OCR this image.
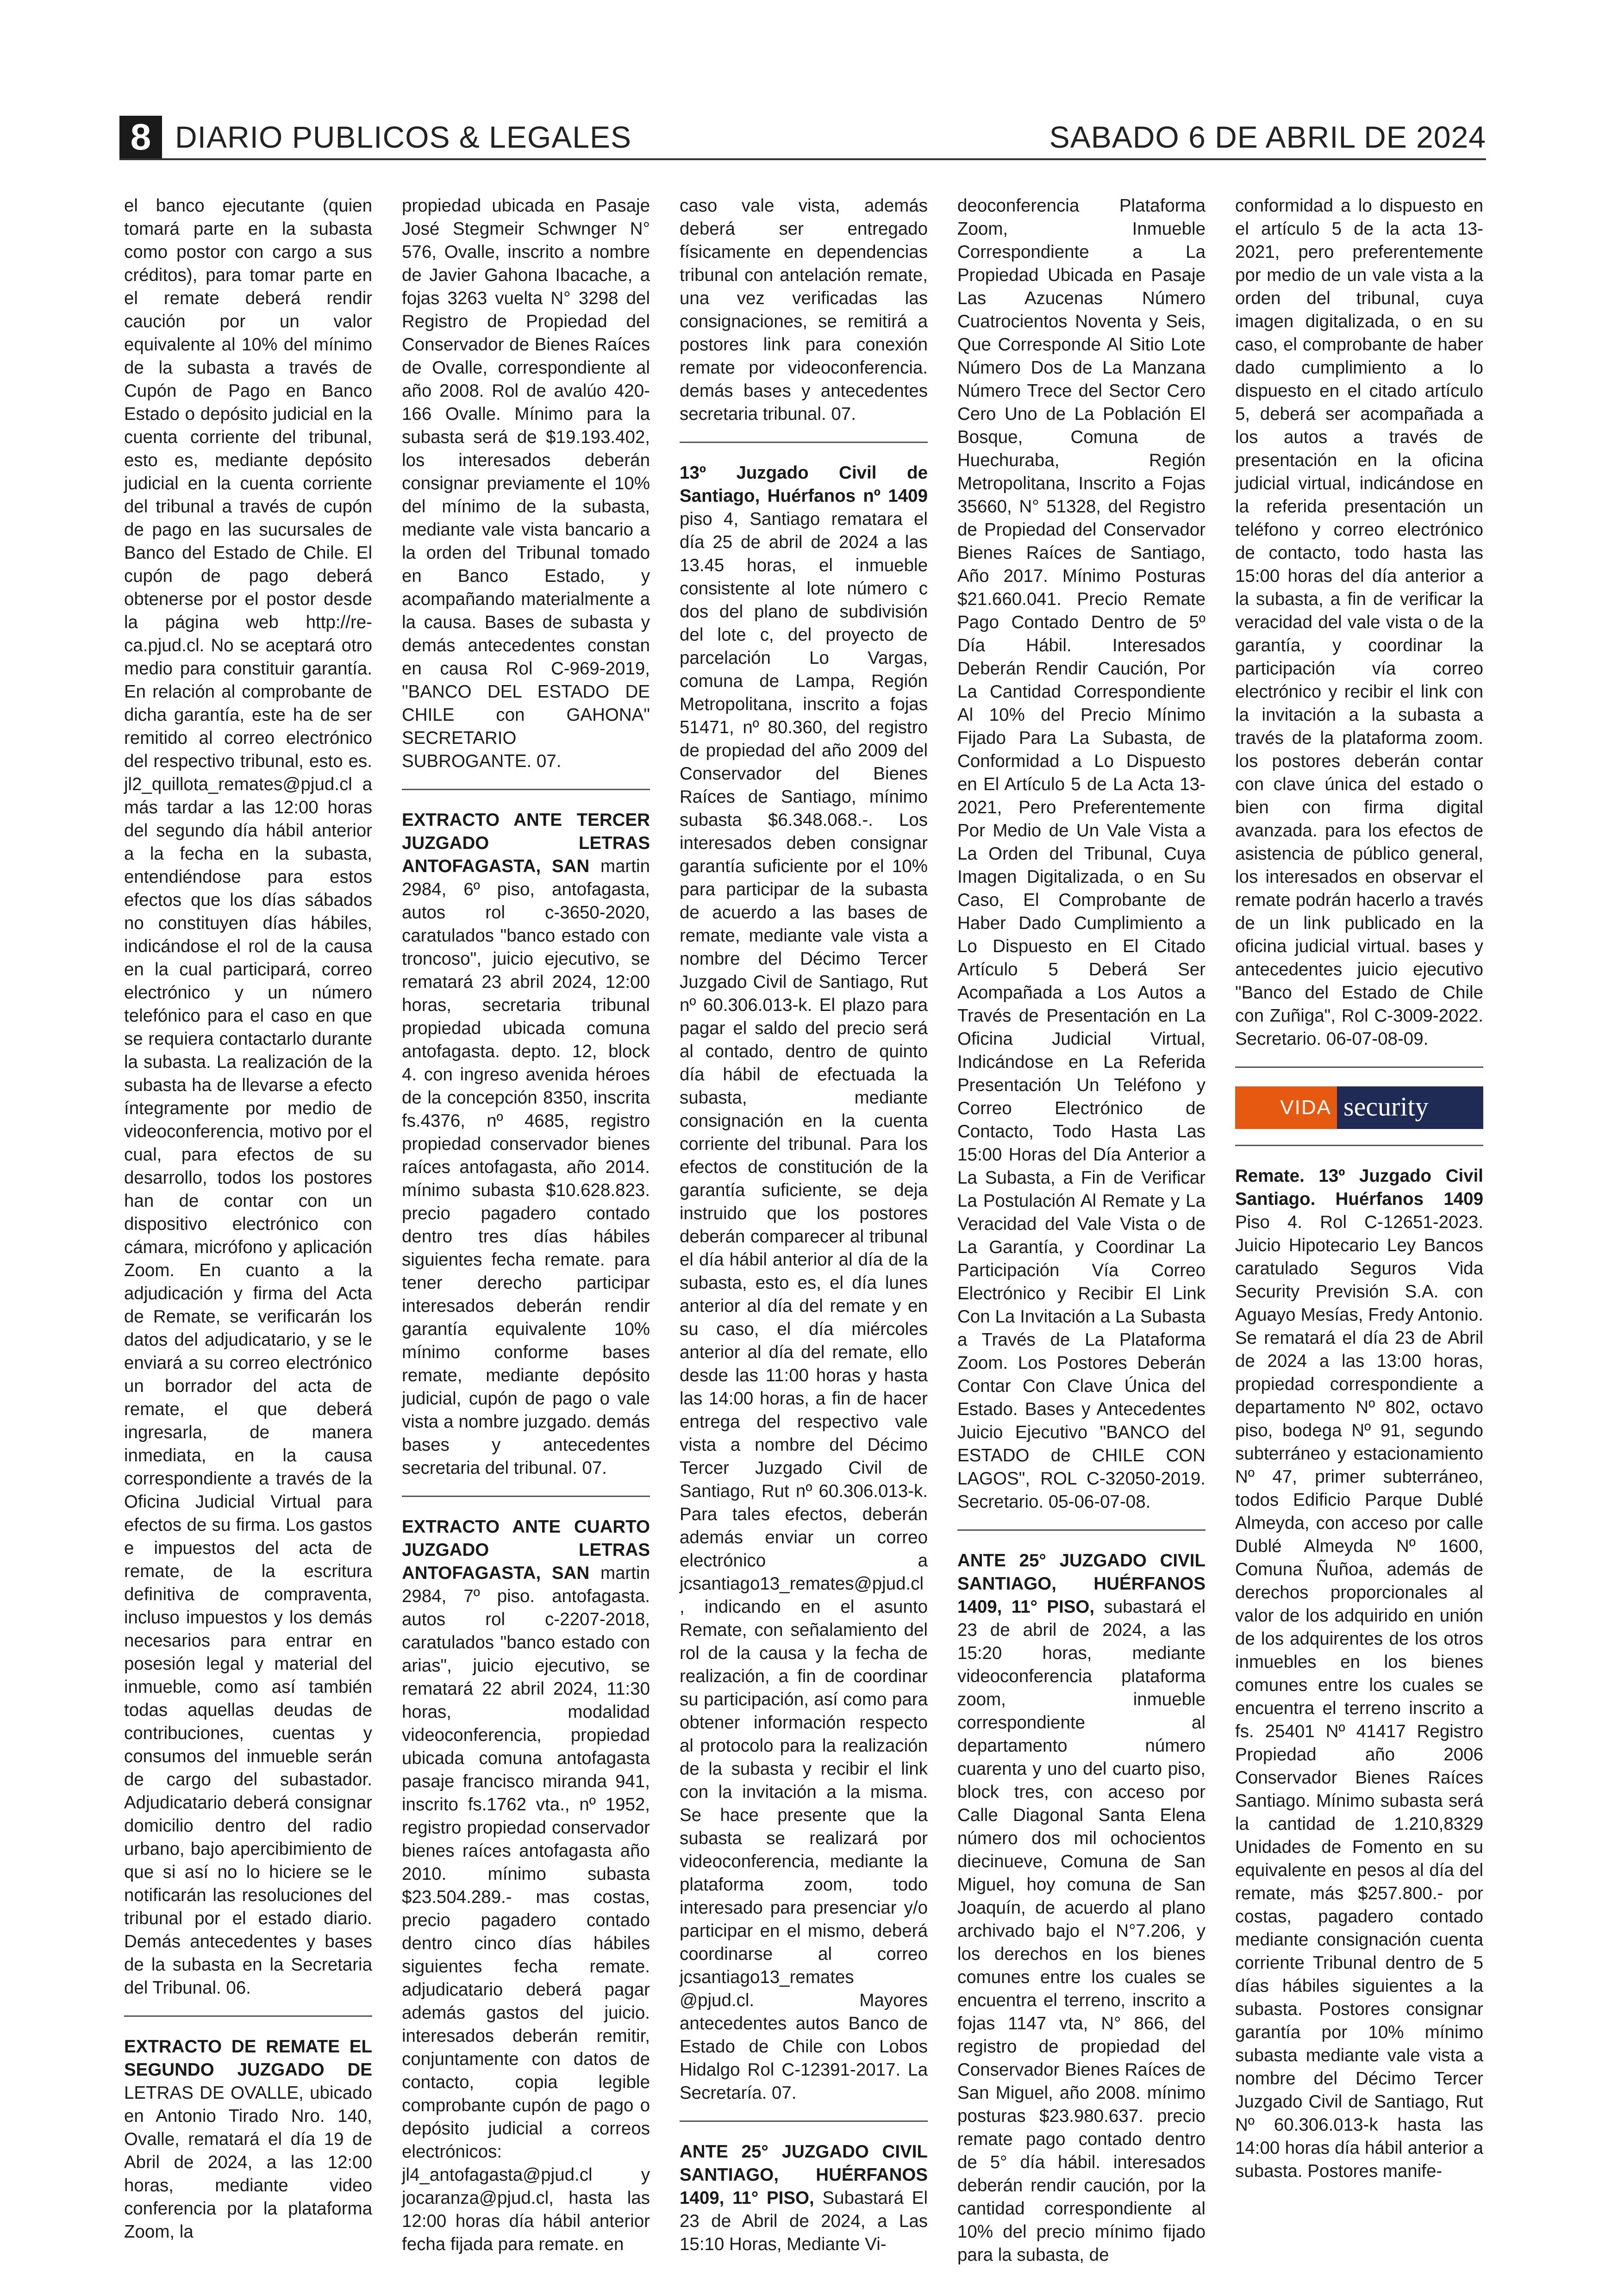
8 DIARIO PUBLICOS & LEGALES	SABADO 6 DE ABRIL DE 2024

el banco ejecutante (quien tomará parte en la subasta como postor con cargo a sus créditos), para tomar parte en el remate deberá rendir caución por un valor equivalente al 10% del mínimo de la subasta a través de Cupón de Pago en Banco Estado o depósito judicial en la cuenta corriente del tribunal, esto es, mediante depósito judicial en la cuenta corriente del tribunal a través de cupón de pago en las sucursales de Banco del Estado de Chile. El cupón de pago deberá obtenerse por el postor desde la página web http://re-ca.pjud.cl. No se aceptará otro medio para constituir garantía. En relación al comprobante de dicha garantía, este ha de ser remitido al correo electrónico del respectivo tribunal, esto es. jl2_quillota_remates@pjud.cl a más tardar a las 12:00 horas del segundo día hábil anterior a la fecha en la subasta, entendiéndose para estos efectos que los días sábados no constituyen días hábiles, indicándose el rol de la causa en la cual participará, correo electrónico y un número telefónico para el caso en que se requiera contactarlo durante la subasta. La realización de la subasta ha de llevarse a efecto íntegramente por medio de videoconferencia, motivo por el cual, para efectos de su desarrollo, todos los postores han de contar con un dispositivo electrónico con cámara, micrófono y aplicación Zoom. En cuanto a la adjudicación y firma del Acta de Remate, se verificarán los datos del adjudicatario, y se le enviará a su correo electrónico un borrador del acta de remate, el que deberá ingresarla, de manera inmediata, en la causa correspondiente a través de la Oficina Judicial Virtual para efectos de su firma. Los gastos e impuestos del acta de remate, de la escritura definitiva de compraventa, incluso impuestos y los demás necesarios para entrar en posesión legal y material del inmueble, como así también todas aquellas deudas de contribuciones, cuentas y consumos del inmueble serán de cargo del subastador. Adjudicatario deberá consignar domicilio dentro del radio urbano, bajo apercibimiento de que si así no lo hiciere se le notificarán las resoluciones del tribunal por el estado diario. Demás antecedentes y bases de la subasta en la Secretaria del Tribunal. 06.

EXTRACTO DE REMATE EL SEGUNDO JUZGADO DE LETRAS DE OVALLE, ubicado en Antonio Tirado Nro. 140, Ovalle, rematará el día 19 de Abril de 2024, a las 12:00 horas, mediante video conferencia por la plataforma Zoom, la

propiedad ubicada en Pasaje José Stegmeir Schwnger N° 576, Ovalle, inscrito a nombre de Javier Gahona Ibacache, a fojas 3263 vuelta N° 3298 del Registro de Propiedad del Conservador de Bienes Raíces de Ovalle, correspondiente al año 2008. Rol de avalúo 420-166 Ovalle. Mínimo para la subasta será de $19.193.402, los interesados deberán consignar previamente el 10% del mínimo de la subasta, mediante vale vista bancario a la orden del Tribunal tomado en Banco Estado, y acompañando materialmente a la causa. Bases de subasta y demás antecedentes constan en causa Rol C-969-2019, "BANCO DEL ESTADO DE CHILE con GAHONA" SECRETARIO SUBROGANTE. 07.

EXTRACTO ANTE TERCER JUZGADO LETRAS ANTOFAGASTA, SAN martin 2984, 6º piso, antofagasta, autos rol c-3650-2020, caratulados "banco estado con troncoso", juicio ejecutivo, se rematará 23 abril 2024, 12:00 horas, secretaria tribunal propiedad ubicada comuna antofagasta. depto. 12, block 4. con ingreso avenida héroes de la concepción 8350, inscrita fs.4376, nº 4685, registro propiedad conservador bienes raíces antofagasta, año 2014. mínimo subasta $10.628.823. precio pagadero contado dentro tres días hábiles siguientes fecha remate. para tener derecho participar interesados deberán rendir garantía equivalente 10% mínimo conforme bases remate, mediante depósito judicial, cupón de pago o vale vista a nombre juzgado. demás bases y antecedentes secretaria del tribunal. 07.

EXTRACTO ANTE CUARTO JUZGADO LETRAS ANTOFAGASTA, SAN martin 2984, 7º piso. antofagasta. autos rol c-2207-2018, caratulados "banco estado con arias", juicio ejecutivo, se rematará 22 abril 2024, 11:30 horas, modalidad videoconferencia, propiedad ubicada comuna antofagasta pasaje francisco miranda 941, inscrito fs.1762 vta., nº 1952, registro propiedad conservador bienes raíces antofagasta año 2010. mínimo subasta $23.504.289.- mas costas, precio pagadero contado dentro cinco días hábiles siguientes fecha remate. adjudicatario deberá pagar además gastos del juicio. interesados deberán remitir, conjuntamente con datos de contacto, copia legible comprobante cupón de pago o depósito judicial a correos electrónicos: jl4_antofagasta@pjud.cl y jocaranza@pjud.cl, hasta las 12:00 horas día hábil anterior fecha fijada para remate. en

caso vale vista, además deberá ser entregado físicamente en dependencias tribunal con antelación remate, una vez verificadas las consignaciones, se remitirá a postores link para conexión remate por videoconferencia. demás bases y antecedentes secretaria tribunal. 07.

13º Juzgado Civil de Santiago, Huérfanos nº 1409 piso 4, Santiago rematara el día 25 de abril de 2024 a las 13.45 horas, el inmueble consistente al lote número c dos del plano de subdivisión del lote c, del proyecto de parcelación Lo Vargas, comuna de Lampa, Región Metropolitana, inscrito a fojas 51471, nº 80.360, del registro de propiedad del año 2009 del Conservador del Bienes Raíces de Santiago, mínimo subasta $6.348.068.-. Los interesados deben consignar garantía suficiente por el 10% para participar de la subasta de acuerdo a las bases de remate, mediante vale vista a nombre del Décimo Tercer Juzgado Civil de Santiago, Rut nº 60.306.013-k. El plazo para pagar el saldo del precio será al contado, dentro de quinto día hábil de efectuada la subasta, mediante consignación en la cuenta corriente del tribunal. Para los efectos de constitución de la garantía suficiente, se deja instruido que los postores deberán comparecer al tribunal el día hábil anterior al día de la subasta, esto es, el día lunes anterior al día del remate y en su caso, el día miércoles anterior al día del remate, ello desde las 11:00 horas y hasta las 14:00 horas, a fin de hacer entrega del respectivo vale vista a nombre del Décimo Tercer Juzgado Civil de Santiago, Rut nº 60.306.013-k. Para tales efectos, deberán además enviar un correo electrónico a jcsantiago13_remates@pjud.cl, indicando en el asunto Remate, con señalamiento del rol de la causa y la fecha de realización, a fin de coordinar su participación, así como para obtener información respecto al protocolo para la realización de la subasta y recibir el link con la invitación a la misma. Se hace presente que la subasta se realizará por videoconferencia, mediante la plataforma zoom, todo interesado para presenciar y/o participar en el mismo, deberá coordinarse al correo jcsantiago13_remates @pjud.cl. Mayores antecedentes autos Banco de Estado de Chile con Lobos Hidalgo Rol C-12391-2017. La Secretaría. 07.

ANTE 25° JUZGADO CIVIL SANTIAGO, HUÉRFANOS 1409, 11° PISO, Subastará El 23 de Abril de 2024, a Las 15:10 Horas, Mediante Vi-

deoconferencia Plataforma Zoom, Inmueble Correspondiente a La Propiedad Ubicada en Pasaje Las Azucenas Número Cuatrocientos Noventa y Seis, Que Corresponde Al Sitio Lote Número Dos de La Manzana Número Trece del Sector Cero Cero Uno de La Población El Bosque, Comuna de Huechuraba, Región Metropolitana, Inscrito a Fojas 35660, N° 51328, del Registro de Propiedad del Conservador Bienes Raíces de Santiago, Año 2017. Mínimo Posturas $21.660.041. Precio Remate Pago Contado Dentro de 5º Día Hábil. Interesados Deberán Rendir Caución, Por La Cantidad Correspondiente Al 10% del Precio Mínimo Fijado Para La Subasta, de Conformidad a Lo Dispuesto en El Artículo 5 de La Acta 13-2021, Pero Preferentemente Por Medio de Un Vale Vista a La Orden del Tribunal, Cuya Imagen Digitalizada, o en Su Caso, El Comprobante de Haber Dado Cumplimiento a Lo Dispuesto en El Citado Artículo 5 Deberá Ser Acompañada a Los Autos a Través de Presentación en La Oficina Judicial Virtual, Indicándose en La Referida Presentación Un Teléfono y Correo Electrónico de Contacto, Todo Hasta Las 15:00 Horas del Día Anterior a La Subasta, a Fin de Verificar La Postulación Al Remate y La Veracidad del Vale Vista o de La Garantía, y Coordinar La Participación Vía Correo Electrónico y Recibir El Link Con La Invitación a La Subasta a Través de La Plataforma Zoom. Los Postores Deberán Contar Con Clave Única del Estado. Bases y Antecedentes Juicio Ejecutivo "BANCO del ESTADO de CHILE CON LAGOS", ROL C-32050-2019. Secretario. 05-06-07-08.

ANTE 25° JUZGADO CIVIL SANTIAGO, HUÉRFANOS 1409, 11° PISO, subastará el 23 de abril de 2024, a las 15:20 horas, mediante videoconferencia plataforma zoom, inmueble correspondiente al departamento número cuarenta y uno del cuarto piso, block tres, con acceso por Calle Diagonal Santa Elena número dos mil ochocientos diecinueve, Comuna de San Miguel, hoy comuna de San Joaquín, de acuerdo al plano archivado bajo el N°7.206, y los derechos en los bienes comunes entre los cuales se encuentra el terreno, inscrito a fojas 1147 vta, N° 866, del registro de propiedad del Conservador Bienes Raíces de San Miguel, año 2008. mínimo posturas $23.980.637. precio remate pago contado dentro de 5° día hábil. interesados deberán rendir caución, por la cantidad correspondiente al 10% del precio mínimo fijado para la subasta, de

conformidad a lo dispuesto en el artículo 5 de la acta 13-2021, pero preferentemente por medio de un vale vista a la orden del tribunal, cuya imagen digitalizada, o en su caso, el comprobante de haber dado cumplimiento a lo dispuesto en el citado artículo 5, deberá ser acompañada a los autos a través de presentación en la oficina judicial virtual, indicándose en la referida presentación un teléfono y correo electrónico de contacto, todo hasta las 15:00 horas del día anterior a la subasta, a fin de verificar la veracidad del vale vista o de la garantía, y coordinar la participación vía correo electrónico y recibir el link con la invitación a la subasta a través de la plataforma zoom. los postores deberán contar con clave única del estado o bien con firma digital avanzada. para los efectos de asistencia de público general, los interesados en observar el remate podrán hacerlo a través de un link publicado en la oficina judicial virtual. bases y antecedentes juicio ejecutivo "Banco del Estado de Chile con Zuñiga", Rol C-3009-2022. Secretario. 06-07-08-09.

VIDA security

Remate. 13º Juzgado Civil Santiago. Huérfanos 1409 Piso 4. Rol C-12651-2023. Juicio Hipotecario Ley Bancos caratulado Seguros Vida Security Previsión S.A. con Aguayo Mesías, Fredy Antonio. Se rematará el día 23 de Abril de 2024 a las 13:00 horas, propiedad correspondiente a departamento Nº 802, octavo piso, bodega Nº 91, segundo subterráneo y estacionamiento Nº 47, primer subterráneo, todos Edificio Parque Dublé Almeyda, con acceso por calle Dublé Almeyda Nº 1600, Comuna Ñuñoa, además de derechos proporcionales al valor de los adquirido en unión de los adquirentes de los otros inmuebles en los bienes comunes entre los cuales se encuentra el terreno inscrito a fs. 25401 Nº 41417 Registro Propiedad año 2006 Conservador Bienes Raíces Santiago. Mínimo subasta será la cantidad de 1.210,8329 Unidades de Fomento en su equivalente en pesos al día del remate, más $257.800.- por costas, pagadero contado mediante consignación cuenta corriente Tribunal dentro de 5 días hábiles siguientes a la subasta. Postores consignar garantía por 10% mínimo subasta mediante vale vista a nombre del Décimo Tercer Juzgado Civil de Santiago, Rut Nº 60.306.013-k hasta las 14:00 horas día hábil anterior a subasta. Postores manife-
